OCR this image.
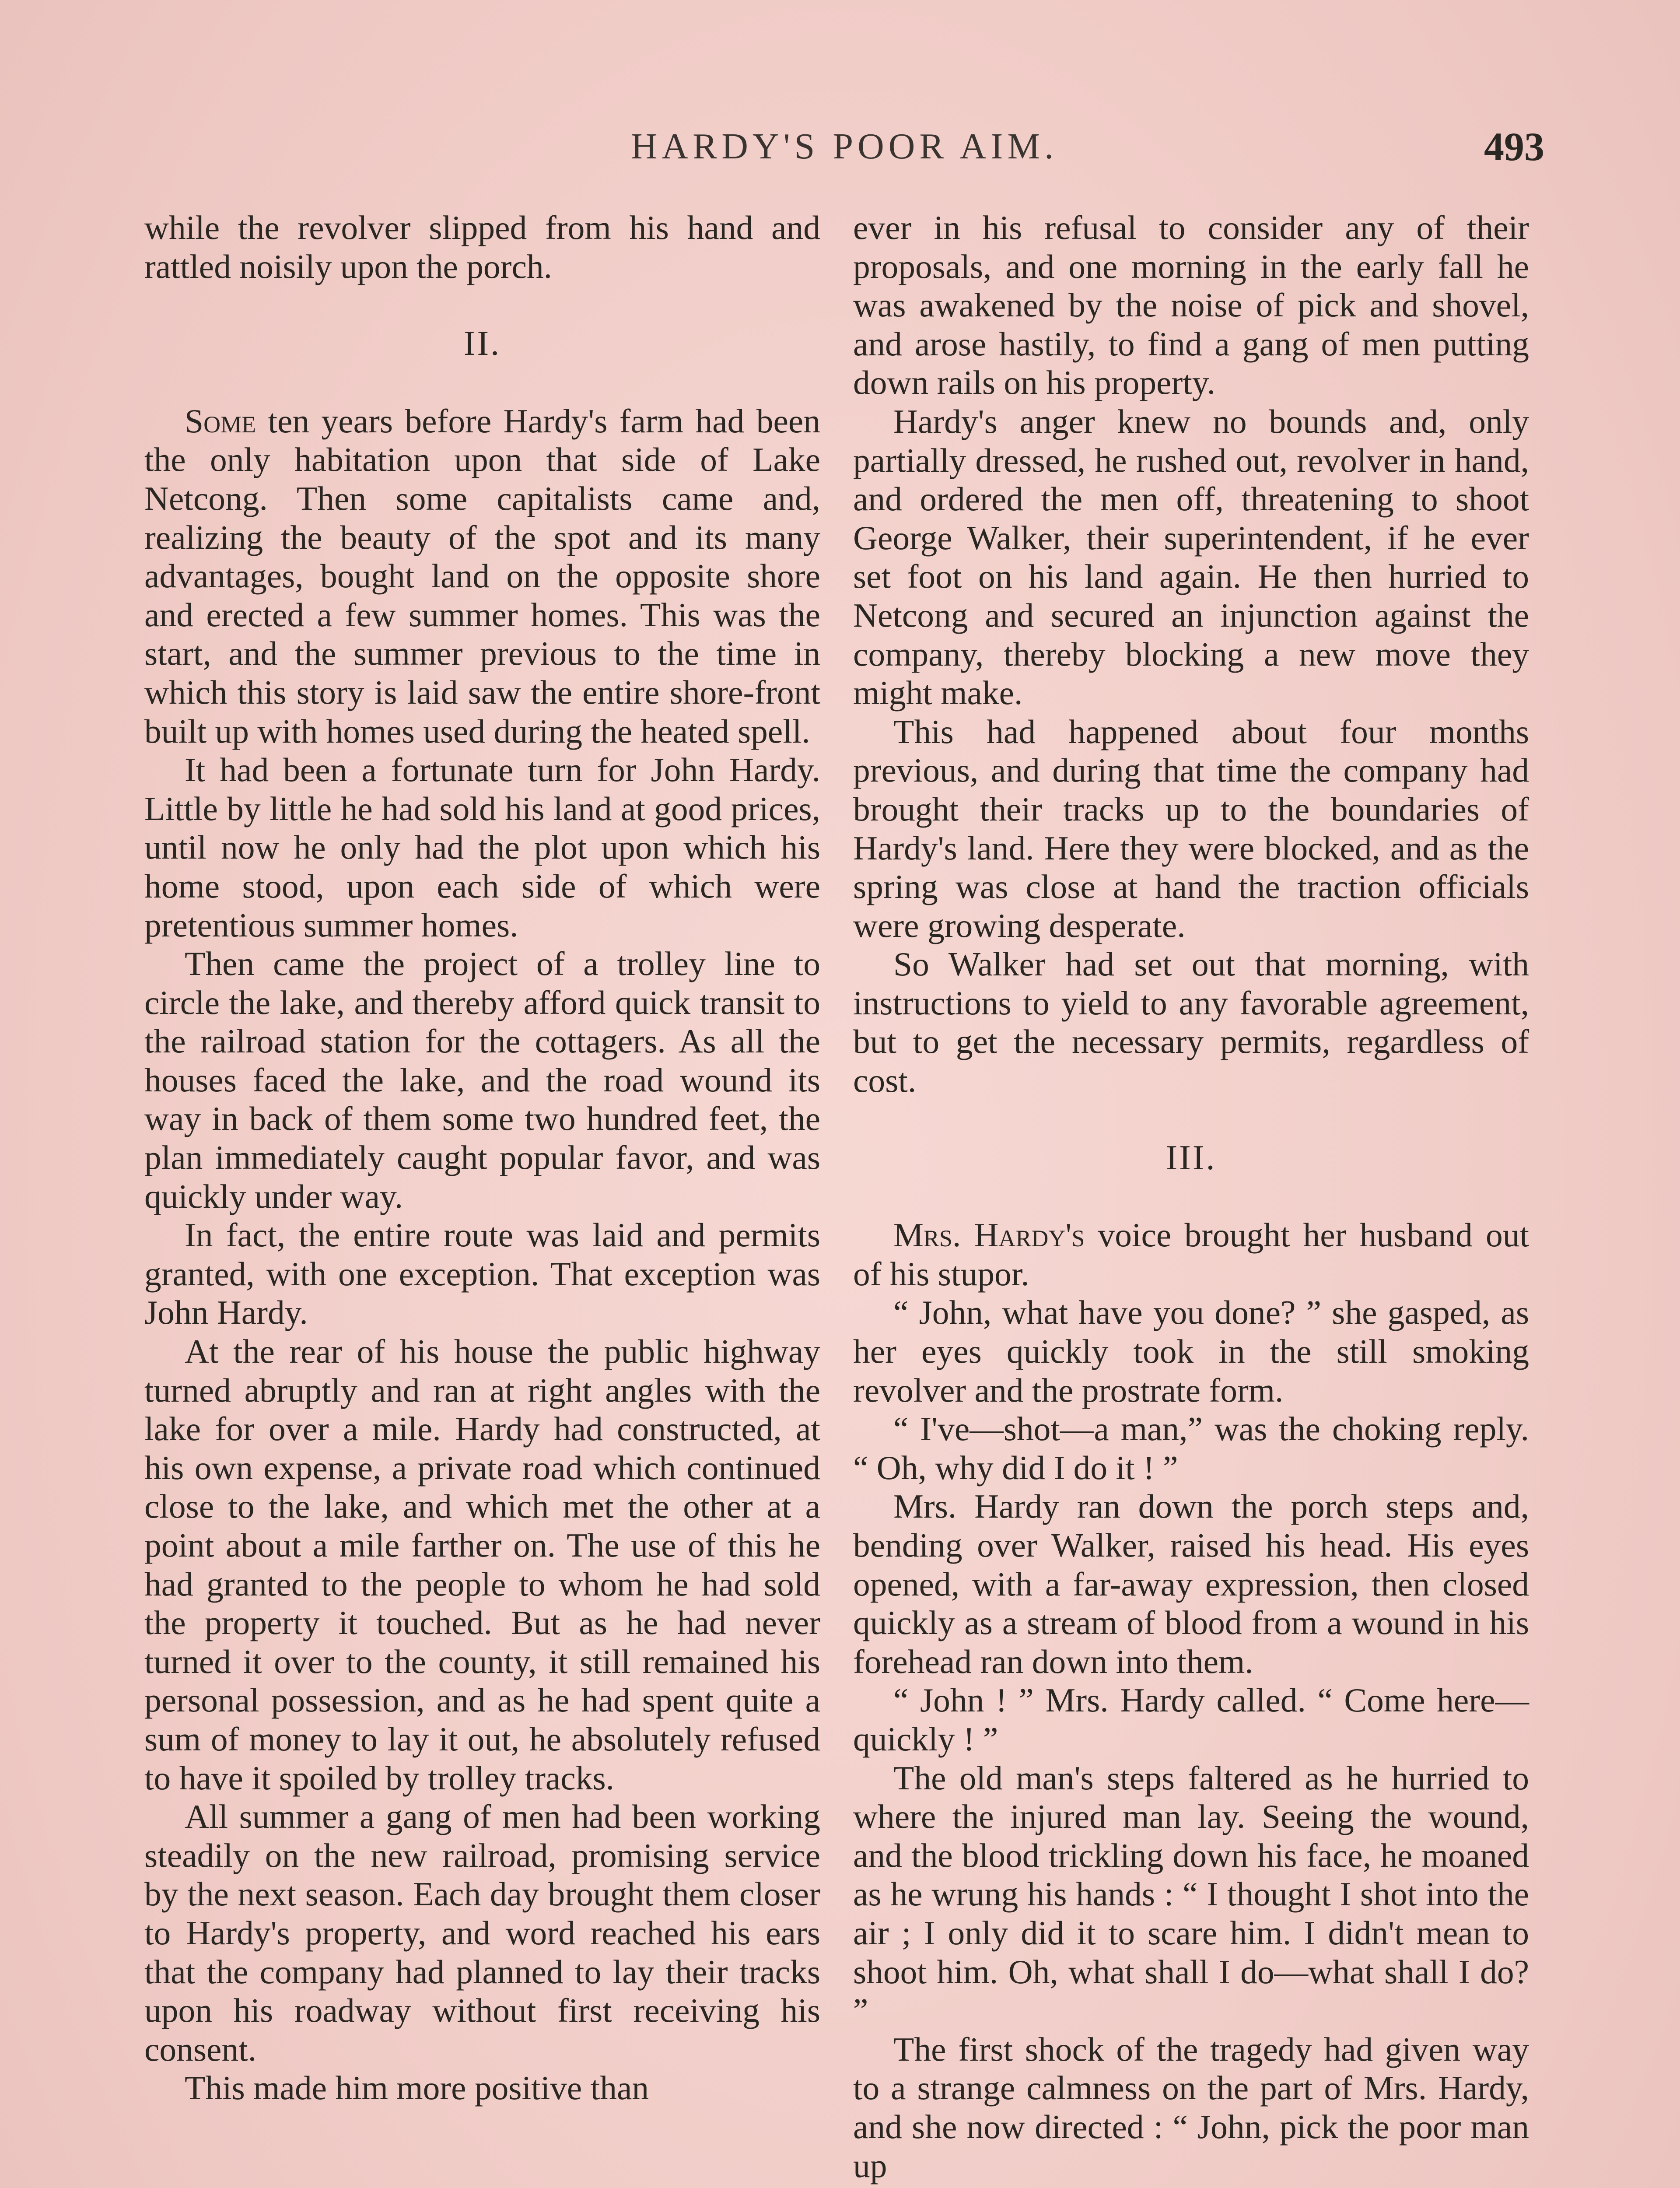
HARDY'S POOR AIM.	493

while the revolver slipped from his hand and rattled noisily upon the porch.

II.

Some ten years before Hardy's farm had been the only habitation upon that side of Lake Netcong. Then some capitalists came and, realizing the beauty of the spot and its many advantages, bought land on the opposite shore and erected a few summer homes. This was the start, and the summer previous to the time in which this story is laid saw the entire shore-front built up with homes used during the heated spell.

It had been a fortunate turn for John Hardy. Little by little he had sold his land at good prices, until now he only had the plot upon which his home stood, upon each side of which were pretentious summer homes.

Then came the project of a trolley line to circle the lake, and thereby afford quick transit to the railroad station for the cottagers. As all the houses faced the lake, and the road wound its way in back of them some two hundred feet, the plan immediately caught popular favor, and was quickly under way.

In fact, the entire route was laid and permits granted, with one exception. That exception was John Hardy.

At the rear of his house the public highway turned abruptly and ran at right angles with the lake for over a mile. Hardy had constructed, at his own expense, a private road which continued close to the lake, and which met the other at a point about a mile farther on. The use of this he had granted to the people to whom he had sold the property it touched. But as he had never turned it over to the county, it still remained his personal possession, and as he had spent quite a sum of money to lay it out, he absolutely refused to have it spoiled by trolley tracks.

All summer a gang of men had been working steadily on the new railroad, promising service by the next season. Each day brought them closer to Hardy's property, and word reached his ears that the company had planned to lay their tracks upon his roadway without first receiving his consent.

This made him more positive than

ever in his refusal to consider any of their proposals, and one morning in the early fall he was awakened by the noise of pick and shovel, and arose hastily, to find a gang of men putting down rails on his property.

Hardy's anger knew no bounds and, only partially dressed, he rushed out, revolver in hand, and ordered the men off, threatening to shoot George Walker, their superintendent, if he ever set foot on his land again. He then hurried to Netcong and secured an injunction against the company, thereby blocking a new move they might make.

This had happened about four months previous, and during that time the company had brought their tracks up to the boundaries of Hardy's land. Here they were blocked, and as the spring was close at hand the traction officials were growing desperate.

So Walker had set out that morning, with instructions to yield to any favorable agreement, but to get the necessary permits, regardless of cost.

III.

Mrs. Hardy's voice brought her husband out of his stupor.

“ John, what have you done? ” she gasped, as her eyes quickly took in the still smoking revolver and the prostrate form.

“ I've—shot—a man,” was the choking reply. “ Oh, why did I do it ! ”

Mrs. Hardy ran down the porch steps and, bending over Walker, raised his head. His eyes opened, with a far-away expression, then closed quickly as a stream of blood from a wound in his forehead ran down into them.

“ John ! ” Mrs. Hardy called. “ Come here—quickly ! ”

The old man's steps faltered as he hurried to where the injured man lay. Seeing the wound, and the blood trickling down his face, he moaned as he wrung his hands : “ I thought I shot into the air ; I only did it to scare him. I didn't mean to shoot him. Oh, what shall I do—what shall I do? ”

The first shock of the tragedy had given way to a strange calmness on the part of Mrs. Hardy, and she now directed : “ John, pick the poor man up
